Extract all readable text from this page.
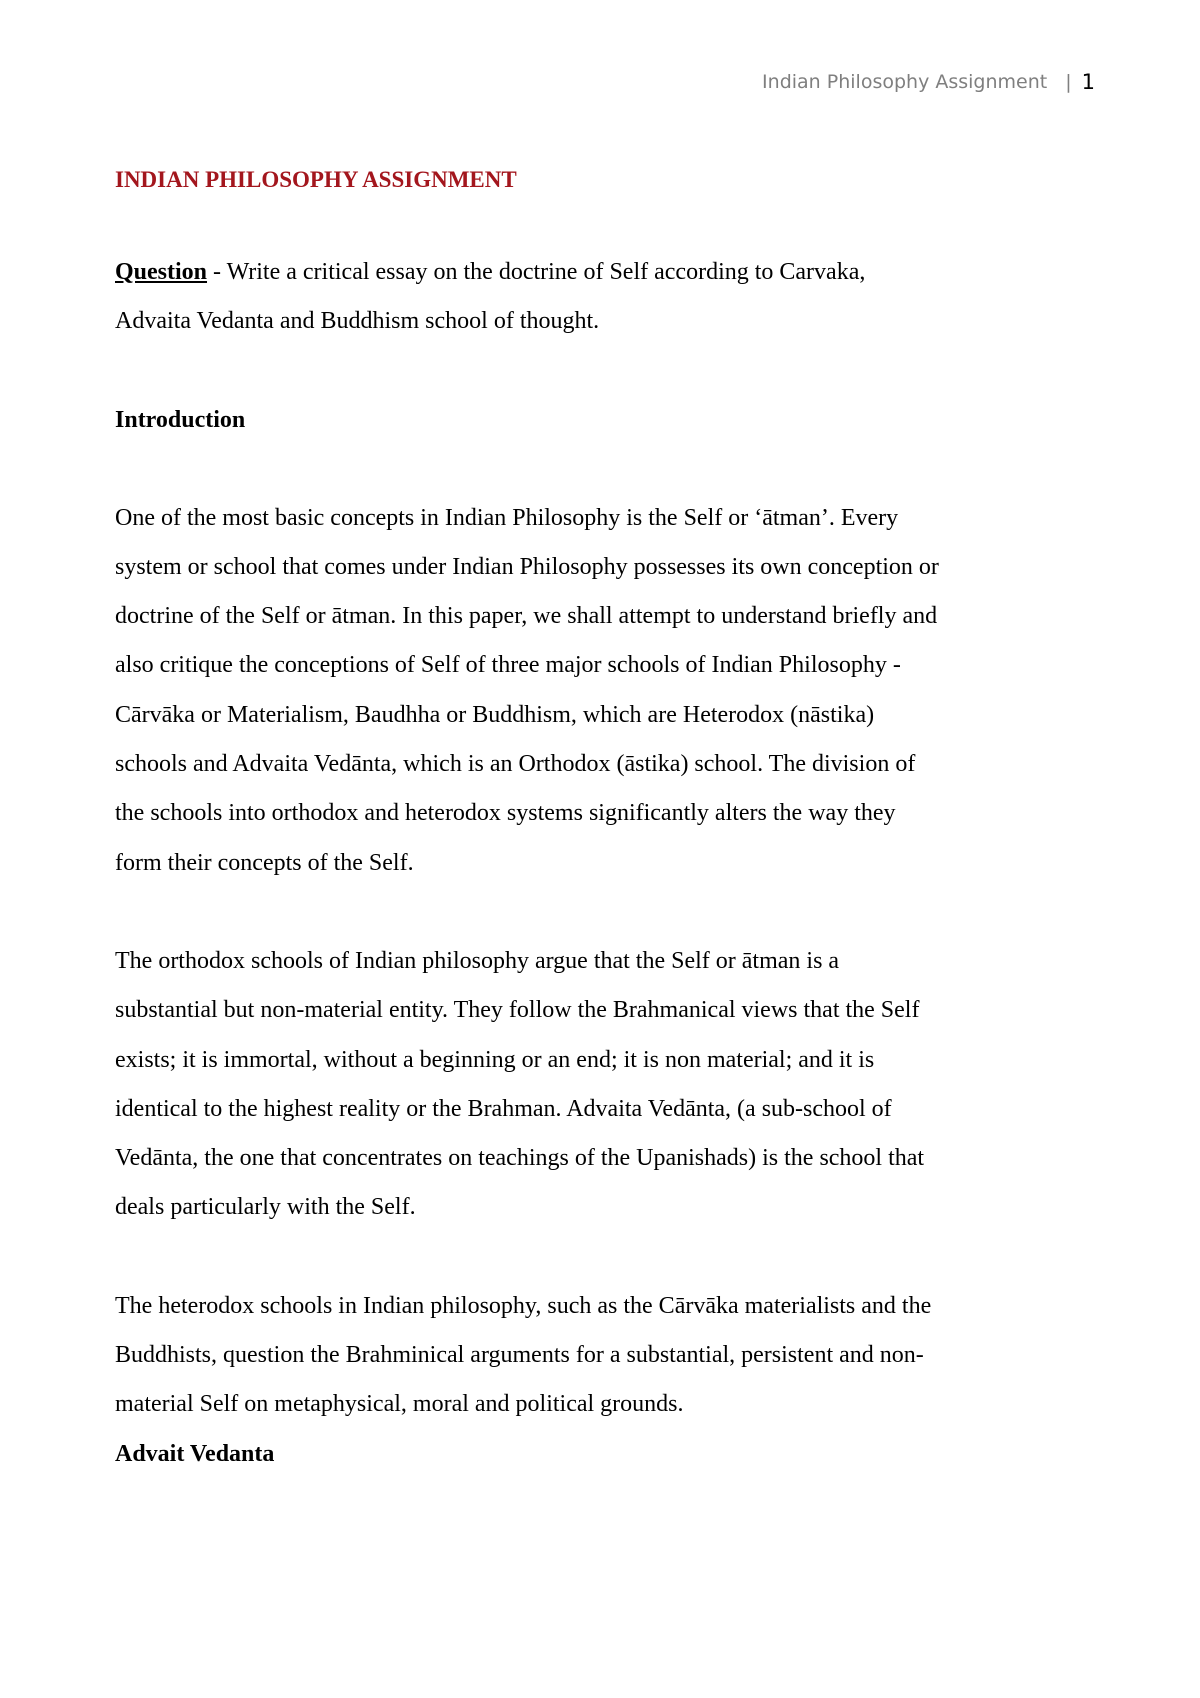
Indian Philosophy Assignment | 1
INDIAN PHILOSOPHY ASSIGNMENT
Question - Write a critical essay on the doctrine of Self according to Carvaka,
Advaita Vedanta and Buddhism school of thought.
Introduction
One of the most basic concepts in Indian Philosophy is the Self or ‘ātman’. Every
system or school that comes under Indian Philosophy possesses its own conception or
doctrine of the Self or ātman. In this paper, we shall attempt to understand briefly and
also critique the conceptions of Self of three major schools of Indian Philosophy -
Cārvāka or Materialism, Baudhha or Buddhism, which are Heterodox (nāstika)
schools and Advaita Vedānta, which is an Orthodox (āstika) school. The division of
the schools into orthodox and heterodox systems significantly alters the way they
form their concepts of the Self.
The orthodox schools of Indian philosophy argue that the Self or ātman is a
substantial but non-material entity. They follow the Brahmanical views that the Self
exists; it is immortal, without a beginning or an end; it is non material; and it is
identical to the highest reality or the Brahman. Advaita Vedānta, (a sub-school of
Vedānta, the one that concentrates on teachings of the Upanishads) is the school that
deals particularly with the Self.
The heterodox schools in Indian philosophy, such as the Cārvāka materialists and the
Buddhists, question the Brahminical arguments for a substantial, persistent and non-
material Self on metaphysical, moral and political grounds.
Advait Vedanta
